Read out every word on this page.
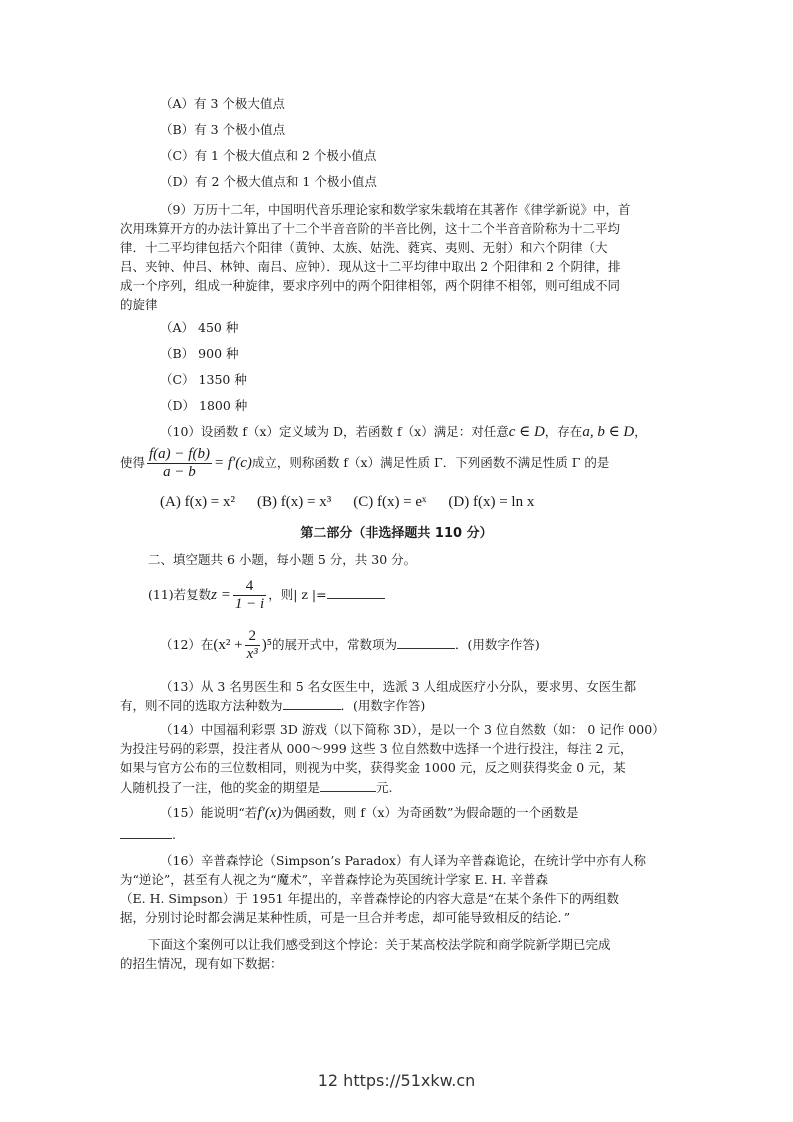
（A）有 3 个极大值点
（B）有 3 个极小值点
（C）有 1 个极大值点和 2 个极小值点
（D）有 2 个极大值点和 1 个极小值点
（9）万历十二年，中国明代音乐理论家和数学家朱载堉在其著作《律学新说》中，首
次用珠算开方的办法计算出了十二个半音音阶的半音比例，这十二个半音音阶称为十二平均
律．十二平均律包括六个阳律（黄钟、太族、姑洗、蕤宾、夷则、无射）和六个阴律（大
吕、夹钟、仲吕、林钟、南吕、应钟）．现从这十二平均律中取出 2 个阳律和 2 个阴律，排
成一个序列，组成一种旋律，要求序列中的两个阳律相邻，两个阴律不相邻，则可组成不同
的旋律
（A） 450 种
（B） 900 种
（C） 1350 种
（D） 1800 种
（10）设函数 f（x）定义域为 D，若函数 f（x）满足：对任意c ∈ D，存在a, b ∈ D，
使得 $\frac{f(a) - f(b)}{a - b} = f'(c)$成立，则称函数 f（x）满足性质 Γ．下列函数不满足性质 Γ 的是
(A) f(x) = x² (B) f(x) = x³ (C) f(x) = eˣ (D) f(x) = ln x
第二部分（非选择题共 110 分）
二、填空题共 6 小题，每小题 5 分，共 30 分。
(11)若复数$z = \frac{4}{1 - i}$ ，则| z |=
（12）在$(x^2 + \frac{2}{\text{x³}} )^5$的展开式中，常数项为	．(用数字作答)
（13）从 3 名男医生和 5 名女医生中，选派 3 人组成医疗小分队，要求男、女医生都
有，则不同的选取方法种数为	．(用数字作答)
（14）中国福利彩票 3D 游戏（以下简称 3D），是以一个 3 位自然数（如： 0 记作 000）
为投注号码的彩票，投注者从 000～999 这些 3 位自然数中选择一个进行投注，每注 2 元，
如果与官方公布的三位数相同，则视为中奖，获得奖金 1000 元，反之则获得奖金 0 元，某
人随机投了一注，他的奖金的期望是	元.
（15）能说明“若f′(x)为偶函数，则 f（x）为奇函数”为假命题的一个函数是
.
（16）辛普森悖论（Simpson’s Paradox）有人译为辛普森诡论，在统计学中亦有人称
为“逆论”，甚至有人视之为“魔术”，辛普森悖论为英国统计学家 E. H. 辛普森
（E. H. Simpson）于 1951 年提出的，辛普森悖论的内容大意是“在某个条件下的两组数
据，分别讨论时都会满足某种性质，可是一旦合并考虑，却可能导致相反的结论．”
下面这个案例可以让我们感受到这个悖论：关于某高校法学院和商学院新学期已完成
的招生情况，现有如下数据：
12 https://51xkw.cn
